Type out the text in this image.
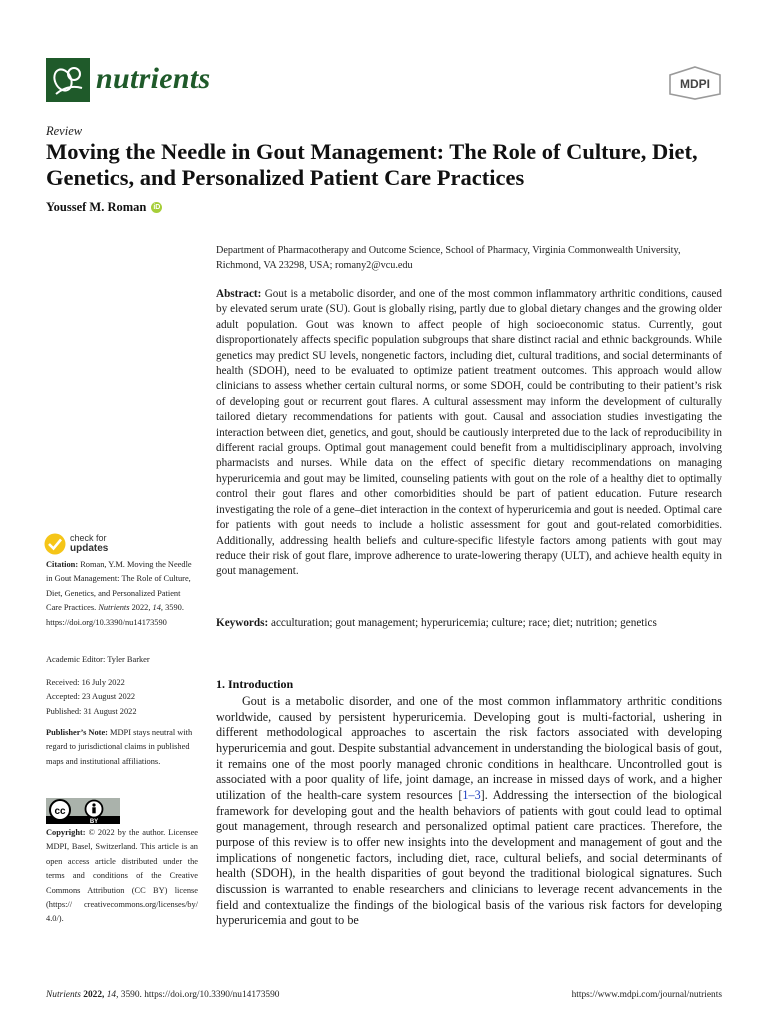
nutrients	MDPI
Review
Moving the Needle in Gout Management: The Role of Culture, Diet, Genetics, and Personalized Patient Care Practices
Youssef M. Roman iD
Department of Pharmacotherapy and Outcome Science, School of Pharmacy, Virginia Commonwealth University,
Richmond, VA 23298, USA; romany2@vcu.edu
Abstract: Gout is a metabolic disorder, and one of the most common inflammatory arthritic conditions, caused by elevated serum urate (SU). Gout is globally rising, partly due to global dietary changes and the growing older adult population. Gout was known to affect people of high socioeconomic status. Currently, gout disproportionately affects specific population subgroups that share distinct racial and ethnic backgrounds. While genetics may predict SU levels, nongenetic factors, including diet, cultural traditions, and social determinants of health (SDOH), need to be evaluated to optimize patient treatment outcomes. This approach would allow clinicians to assess whether certain cultural norms, or some SDOH, could be contributing to their patient’s risk of developing gout or recurrent gout flares. A cultural assessment may inform the development of culturally tailored dietary recommendations for patients with gout. Causal and association studies investigating the interaction between diet, genetics, and gout, should be cautiously interpreted due to the lack of reproducibility in different racial groups. Optimal gout management could benefit from a multidisciplinary approach, involving pharmacists and nurses. While data on the effect of specific dietary recommendations on managing hyperuricemia and gout may be limited, counseling patients with gout on the role of a healthy diet to optimally control their gout flares and other comorbidities should be part of patient education. Future research investigating the role of a gene–diet interaction in the context of hyperuricemia and gout is needed. Optimal care for patients with gout needs to include a holistic assessment for gout and gout-related comorbidities. Additionally, addressing health beliefs and culture-specific lifestyle factors among patients with gout may reduce their risk of gout flare, improve adherence to urate-lowering therapy (ULT), and achieve health equity in gout management.
Keywords: acculturation; gout management; hyperuricemia; culture; race; diet; nutrition; genetics
1. Introduction
Gout is a metabolic disorder, and one of the most common inflammatory arthritic conditions worldwide, caused by persistent hyperuricemia. Developing gout is multi-factorial, ushering in different methodological approaches to ascertain the risk factors associated with developing hyperuricemia and gout. Despite substantial advancement in understanding the biological basis of gout, it remains one of the most poorly managed chronic conditions in healthcare. Uncontrolled gout is associated with a poor quality of life, joint damage, an increase in missed days of work, and a higher utilization of the health-care system resources [1–3]. Addressing the intersection of the biological framework for developing gout and the health behaviors of patients with gout could lead to optimal gout management, through research and personalized optimal patient care practices. Therefore, the purpose of this review is to offer new insights into the development and management of gout and the implications of nongenetic factors, including diet, race, cultural beliefs, and social determinants of health (SDOH), in the health disparities of gout beyond the traditional biological signatures. Such discussion is warranted to enable researchers and clinicians to leverage recent advancements in the field and contextualize the findings of the biological basis of the various risk factors for developing hyperuricemia and gout to be
check for
updates
Citation: Roman, Y.M. Moving the Needle in Gout Management: The Role of Culture, Diet, Genetics, and Personalized Patient Care Practices. Nutrients 2022, 14, 3590. https://doi.org/10.3390/nu14173590
Academic Editor: Tyler Barker
Received: 16 July 2022
Accepted: 23 August 2022
Published: 31 August 2022
Publisher’s Note: MDPI stays neutral with regard to jurisdictional claims in published maps and institutional affiliations.
cc
BY
Copyright: © 2022 by the author. Licensee MDPI, Basel, Switzerland. This article is an open access article distributed under the terms and conditions of the Creative Commons Attribution (CC BY) license (https:// creativecommons.org/licenses/by/ 4.0/).
Nutrients 2022, 14, 3590. https://doi.org/10.3390/nu14173590	https://www.mdpi.com/journal/nutrients
